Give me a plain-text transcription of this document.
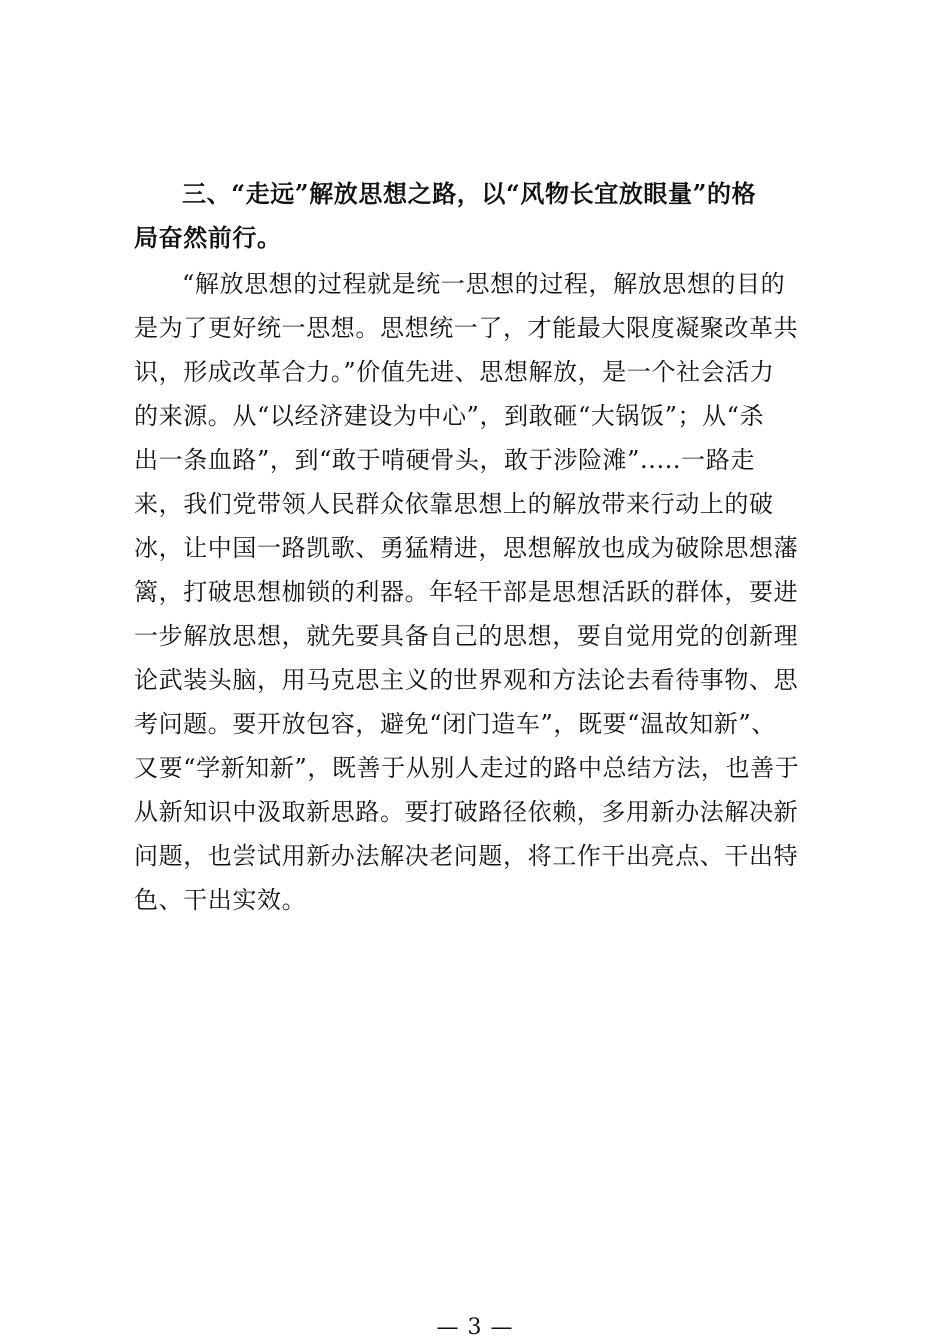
三、“走远”解放思想之路，以“风物长宜放眼量”的格
局奋然前行。
“解放思想的过程就是统一思想的过程，解放思想的目的
是为了更好统一思想。思想统一了，才能最大限度凝聚改革共
识，形成改革合力。”价值先进、思想解放，是一个社会活力
的来源。从“以经济建设为中心”，到敢砸“大锅饭”；从“杀
出一条血路”，到“敢于啃硬骨头，敢于涉险滩”.....一路走
来，我们党带领人民群众依靠思想上的解放带来行动上的破
冰，让中国一路凯歌、勇猛精进，思想解放也成为破除思想藩
篱，打破思想枷锁的利器。年轻干部是思想活跃的群体，要进
一步解放思想，就先要具备自己的思想，要自觉用党的创新理
论武装头脑，用马克思主义的世界观和方法论去看待事物、思
考问题。要开放包容，避免“闭门造车”，既要“温故知新”、
又要“学新知新”，既善于从别人走过的路中总结方法，也善于
从新知识中汲取新思路。要打破路径依赖，多用新办法解决新
问题，也尝试用新办法解决老问题，将工作干出亮点、干出特
色、干出实效。
— 3 —
